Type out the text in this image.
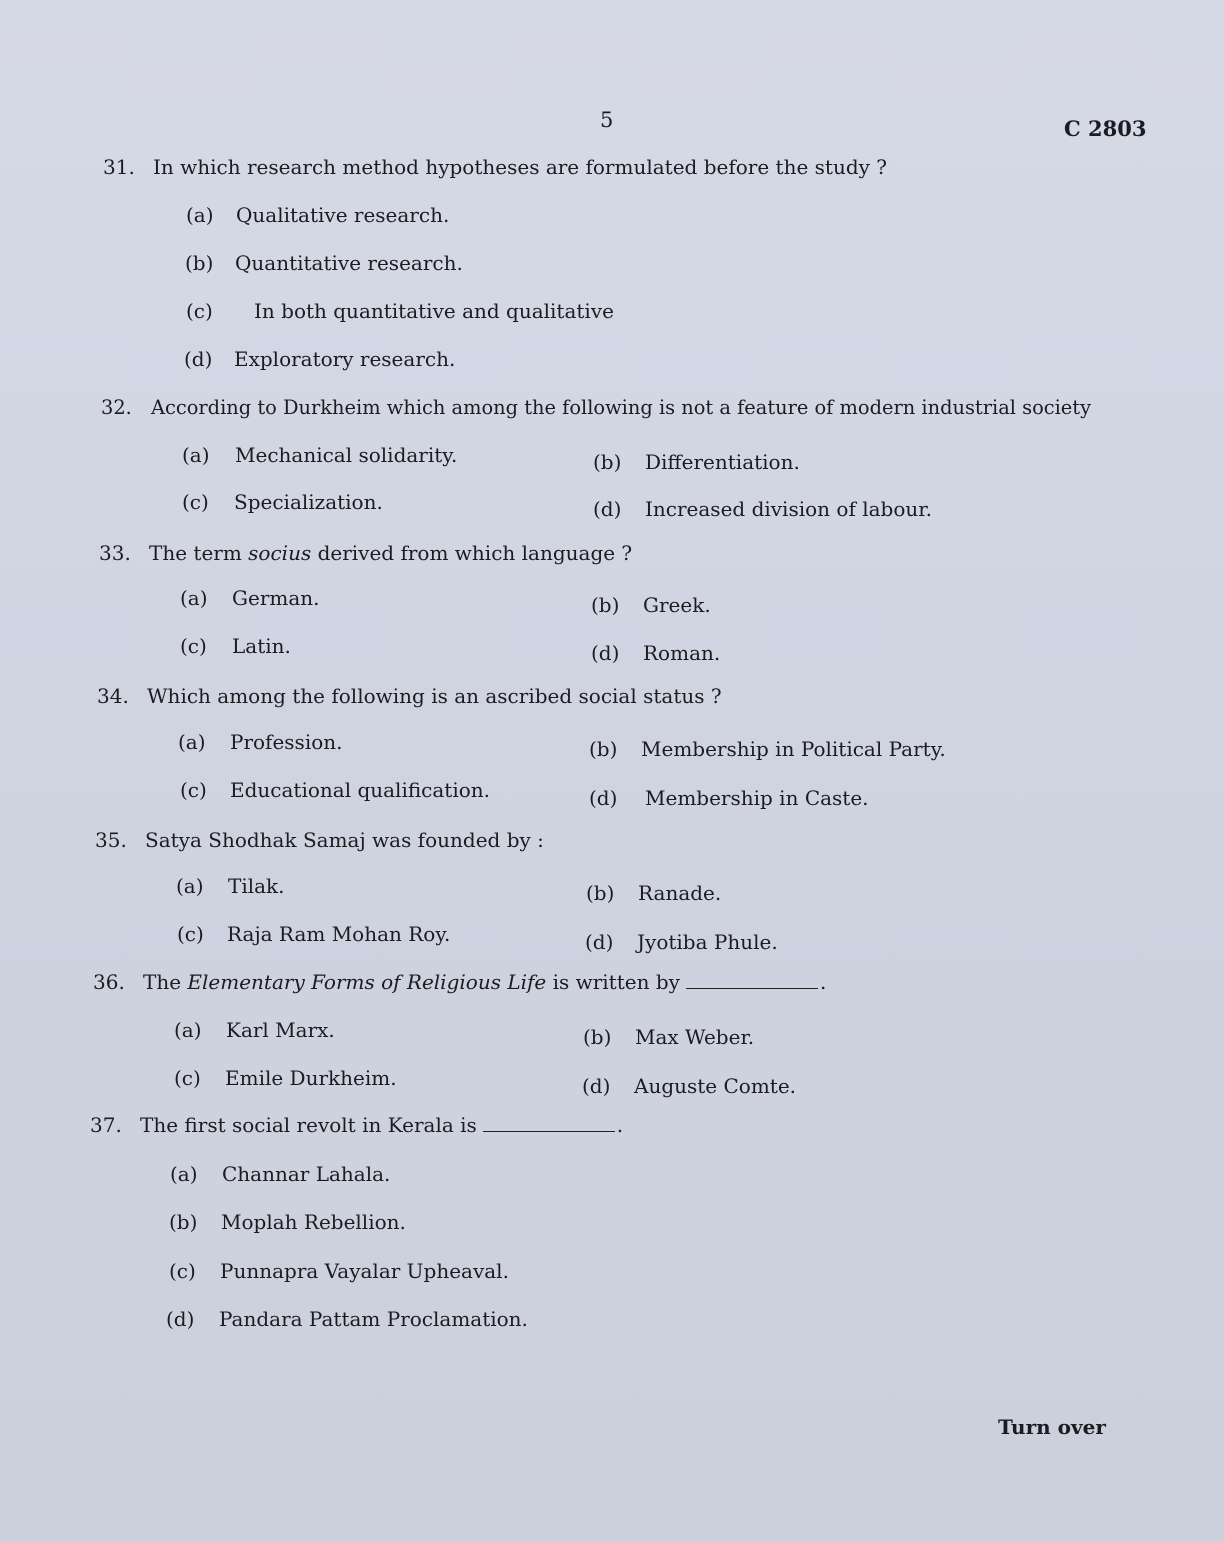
5	C 2803
31. In which research method hypotheses are formulated before the study ?
(a) Qualitative research.
(b) Quantitative research.
(c) In both quantitative and qualitative
(d) Exploratory research.
32. According to Durkheim which among the following is not a feature of modern industrial society
(a) Mechanical solidarity.	(b) Differentiation.
(c) Specialization.	(d) Increased division of labour.
33. The term socius derived from which language ?
(a) German.	(b) Greek.
(c) Latin.	(d) Roman.
34. Which among the following is an ascribed social status ?
(a) Profession.	(b) Membership in Political Party.
(c) Educational qualification.	(d) Membership in Caste.
35. Satya Shodhak Samaj was founded by :
(a) Tilak.	(b) Ranade.
(c) Raja Ram Mohan Roy.	(d) Jyotiba Phule.
36. The Elementary Forms of Religious Life is written by	.
(a) Karl Marx.	(b) Max Weber.
(c) Emile Durkheim.	(d) Auguste Comte.
37. The first social revolt in Kerala is	.
(a) Channar Lahala.
(b) Moplah Rebellion.
(c) Punnapra Vayalar Upheaval.
(d) Pandara Pattam Proclamation.
Turn over
